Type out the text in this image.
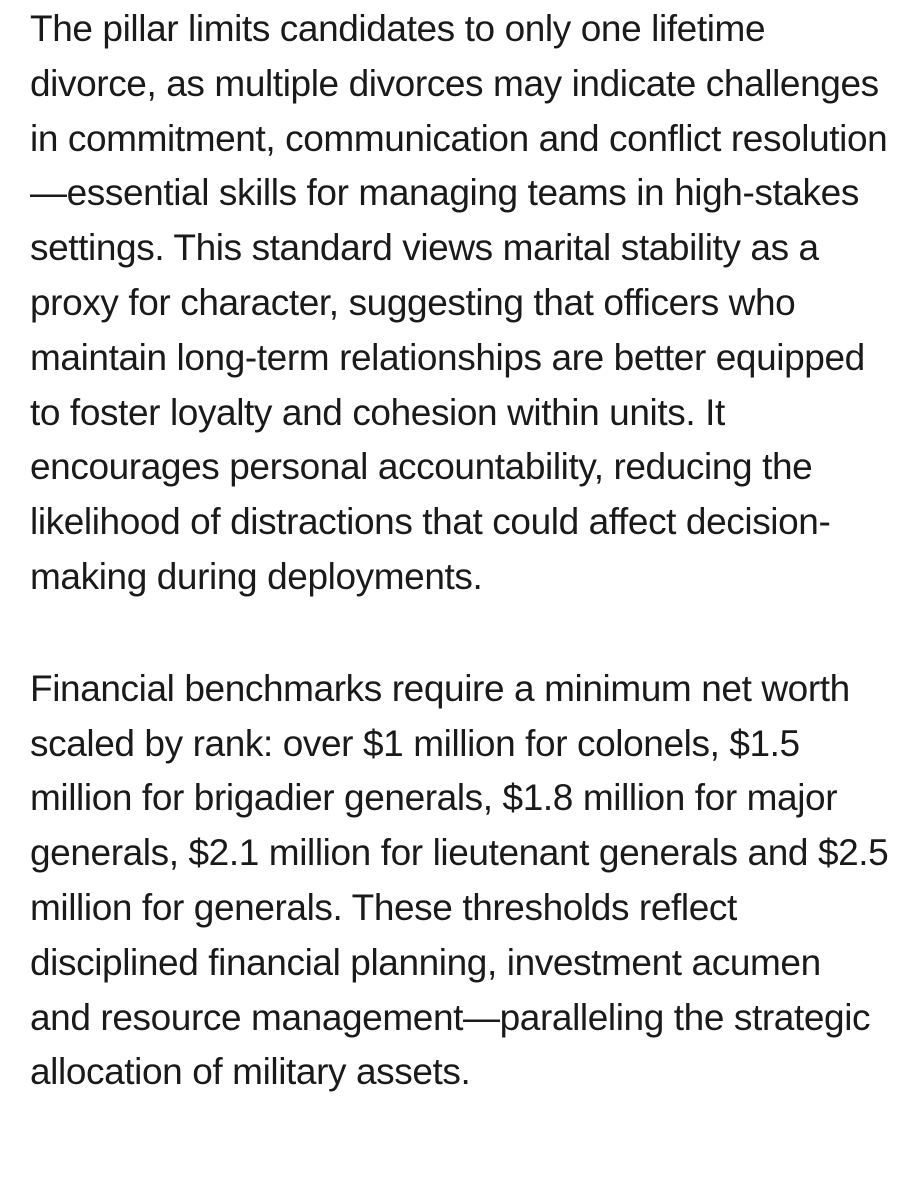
The pillar limits candidates to only one lifetime divorce, as multiple divorces may indicate challenges in commitment, communication and conflict resolution—essential skills for managing teams in high-stakes settings. This standard views marital stability as a proxy for character, suggesting that officers who maintain long-term relationships are better equipped to foster loyalty and cohesion within units. It encourages personal accountability, reducing the likelihood of distractions that could affect decision-making during deployments.

Financial benchmarks require a minimum net worth scaled by rank: over $1 million for colonels, $1.5 million for brigadier generals, $1.8 million for major generals, $2.1 million for lieutenant generals and $2.5 million for generals. These thresholds reflect disciplined financial planning, investment acumen and resource management—paralleling the strategic allocation of military assets.
